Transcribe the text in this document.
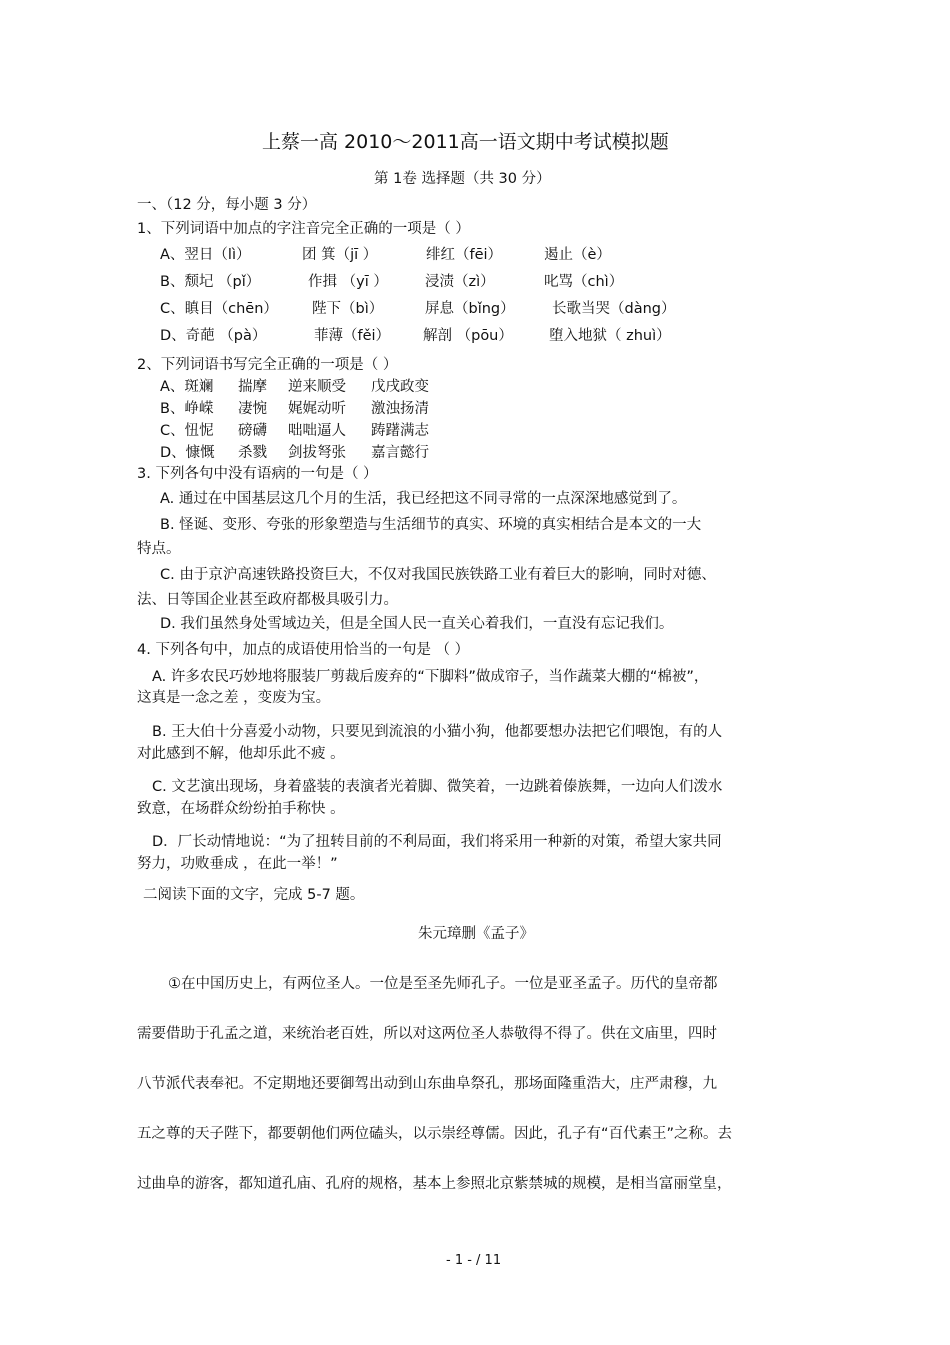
上蔡一高 2010～2011高一语文期中考试模拟题
第 1卷 选择题（共 30 分）
一、（12 分，每小题 3 分）
1、下列词语中加点的字注音完全正确的一项是（ ）
A、翌日（lì）	团 箕（jī ）	绯红（fēi）	遏止（è）
B、颓圮 （pǐ）	作揖 （yī ）	浸渍（zì）	叱骂（chì）
C、瞋目（chēn） 陛下（bì）	屏息（bǐng）	长歌当哭（dàng）
D、奇葩 （pà）	菲薄（fěi） 解剖 （pōu） 堕入地狱（ zhuì）
2、下列词语书写完全正确的一项是（ ）
A、斑斓 揣摩 逆来顺受 戊戌政变
B、峥嵘 凄惋 娓娓动听 激浊扬清
C、忸怩 磅礴 咄咄逼人 踌躇满志
D、慷慨 杀戮 剑拔弩张 嘉言懿行
3. 下列各句中没有语病的一句是（ ）
A. 通过在中国基层这几个月的生活，我已经把这不同寻常的一点深深地感觉到了。
B. 怪诞、变形、夸张的形象塑造与生活细节的真实、环境的真实相结合是本文的一大
特点。
C. 由于京沪高速铁路投资巨大，不仅对我国民族铁路工业有着巨大的影响，同时对德、
法、日等国企业甚至政府都极具吸引力。
D. 我们虽然身处雪域边关，但是全国人民一直关心着我们，一直没有忘记我们。
4. 下列各句中，加点的成语使用恰当的一句是 （ ）
A. 许多农民巧妙地将服装厂剪裁后废弃的“下脚料”做成帘子，当作蔬菜大棚的“棉被”，
这真是一念之差 ，变废为宝。
B. 王大伯十分喜爱小动物，只要见到流浪的小猫小狗，他都要想办法把它们喂饱，有的人
对此感到不解，他却乐此不疲 。
C. 文艺演出现场，身着盛装的表演者光着脚、微笑着，一边跳着傣族舞，一边向人们泼水
致意，在场群众纷纷拍手称快 。
D．厂长动情地说：“为了扭转目前的不利局面，我们将采用一种新的对策，希望大家共同
努力，功败垂成 ，在此一举！”
二阅读下面的文字，完成 5-7 题。
朱元璋删《孟子》
①在中国历史上，有两位圣人。一位是至圣先师孔子。一位是亚圣孟子。历代的皇帝都
需要借助于孔孟之道，来统治老百姓，所以对这两位圣人恭敬得不得了。供在文庙里，四时
八节派代表奉祀。不定期地还要御驾出动到山东曲阜祭孔，那场面隆重浩大，庄严肃穆，九
五之尊的天子陛下，都要朝他们两位磕头，以示崇经尊儒。因此，孔子有“百代素王”之称。去
过曲阜的游客，都知道孔庙、孔府的规格，基本上参照北京紫禁城的规模，是相当富丽堂皇，
- 1 - / 11
